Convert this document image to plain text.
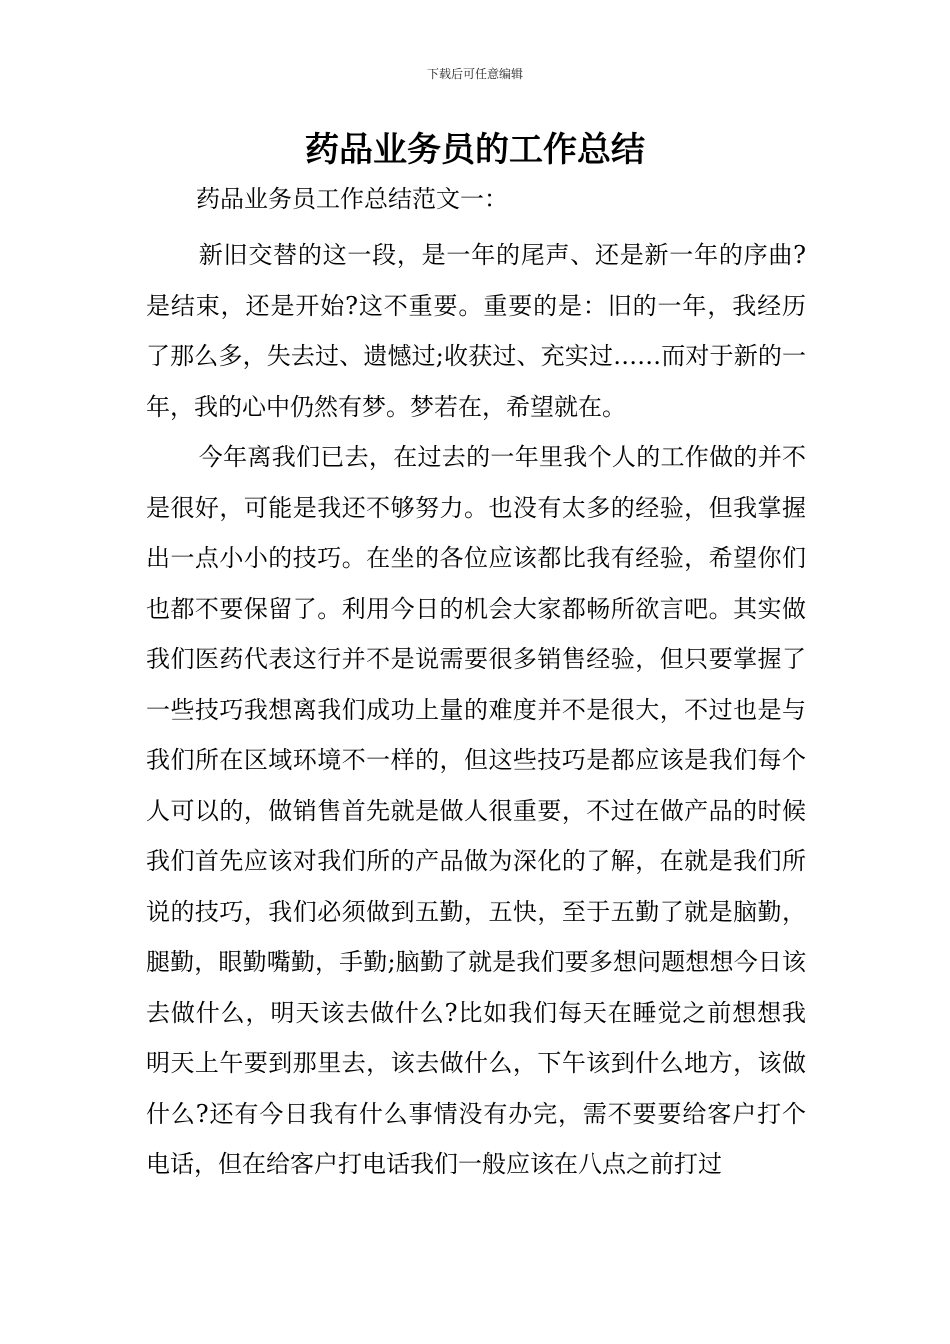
下载后可任意编辑
药品业务员的工作总结

药品业务员工作总结范文一：

新旧交替的这一段，是一年的尾声、还是新一年的序曲?是结束，还是开始?这不重要。重要的是：旧的一年，我经历了那么多，失去过、遗憾过;收获过、充实过……而对于新的一年，我的心中仍然有梦。梦若在，希望就在。

今年离我们已去，在过去的一年里我个人的工作做的并不是很好，可能是我还不够努力。也没有太多的经验，但我掌握出一点小小的技巧。在坐的各位应该都比我有经验，希望你们也都不要保留了。利用今日的机会大家都畅所欲言吧。其实做我们医药代表这行并不是说需要很多销售经验，但只要掌握了一些技巧我想离我们成功上量的难度并不是很大，不过也是与我们所在区域环境不一样的，但这些技巧是都应该是我们每个人可以的，做销售首先就是做人很重要，不过在做产品的时候我们首先应该对我们所的产品做为深化的了解，在就是我们所说的技巧，我们必须做到五勤，五快，至于五勤了就是脑勤，腿勤，眼勤嘴勤，手勤;脑勤了就是我们要多想问题想想今日该去做什么，明天该去做什么?比如我们每天在睡觉之前想想我明天上午要到那里去，该去做什么，下午该到什么地方，该做什么?还有今日我有什么事情没有办完，需不要要给客户打个电话，但在给客户打电话我们一般应该在八点之前打过
